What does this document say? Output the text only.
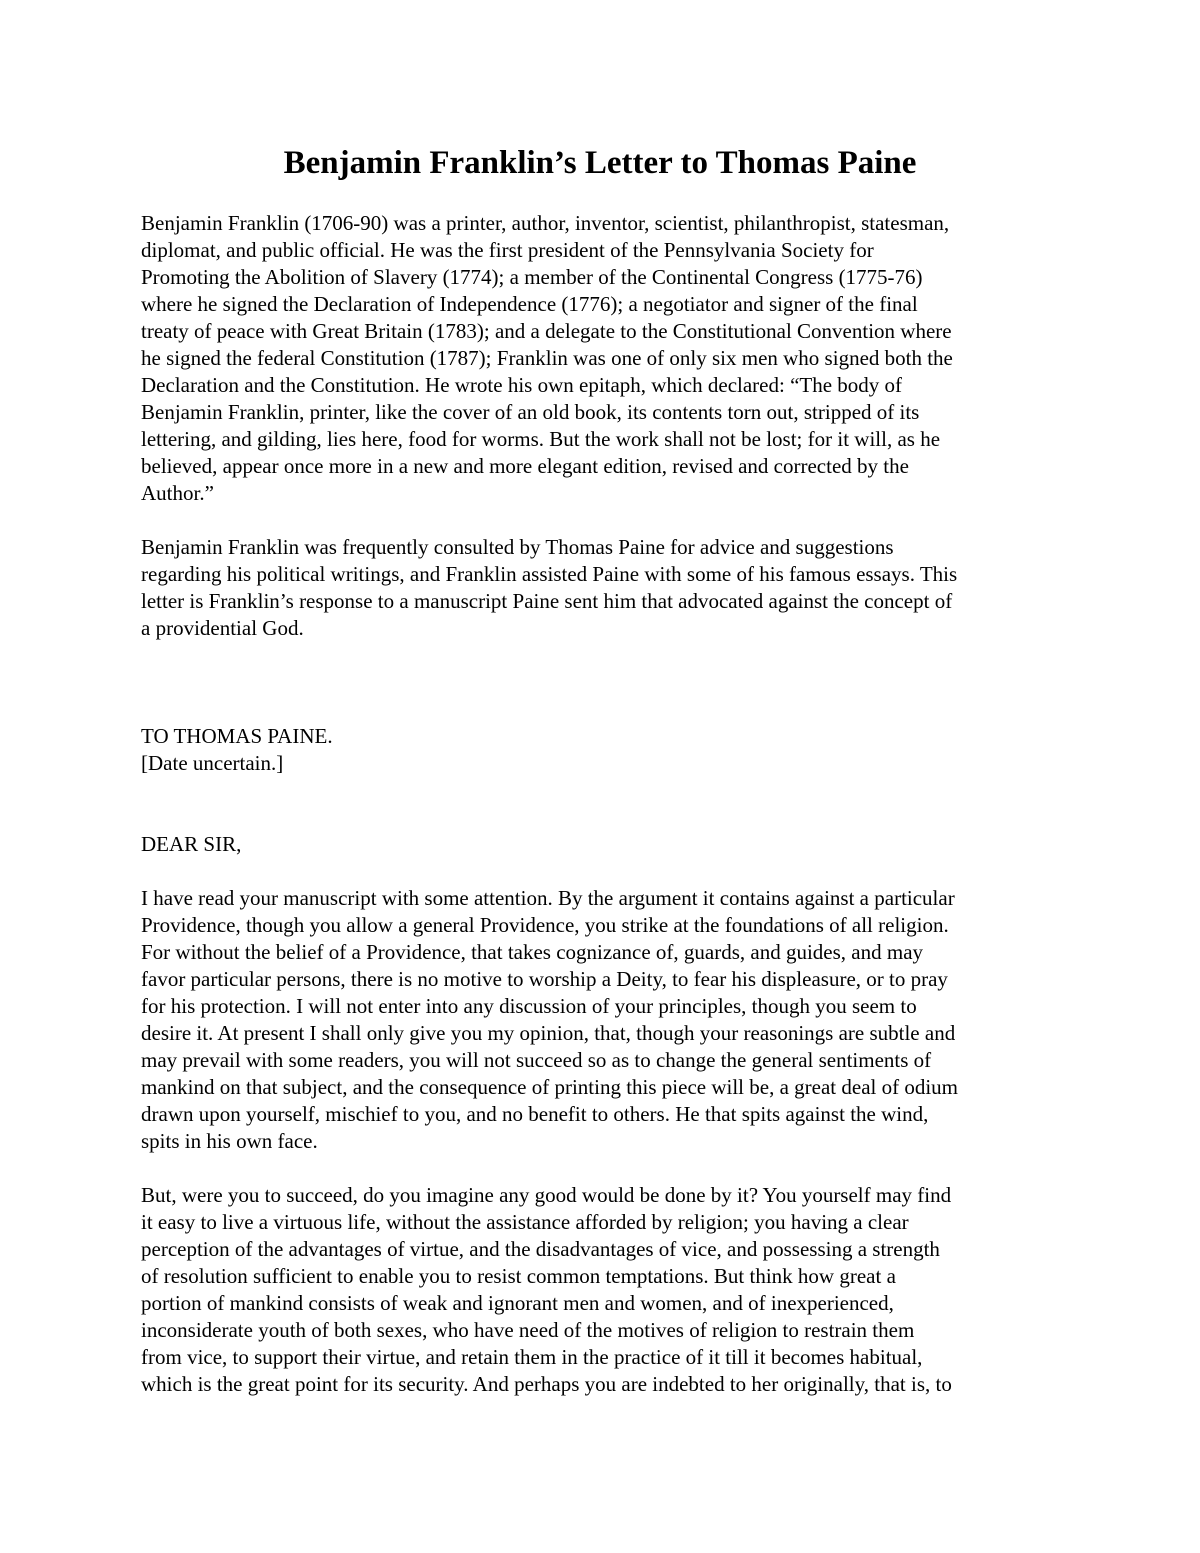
Benjamin Franklin’s Letter to Thomas Paine
Benjamin Franklin (1706-90) was a printer, author, inventor, scientist, philanthropist, statesman,
diplomat, and public official. He was the first president of the Pennsylvania Society for
Promoting the Abolition of Slavery (1774); a member of the Continental Congress (1775-76)
where he signed the Declaration of Independence (1776); a negotiator and signer of the final
treaty of peace with Great Britain (1783); and a delegate to the Constitutional Convention where
he signed the federal Constitution (1787); Franklin was one of only six men who signed both the
Declaration and the Constitution. He wrote his own epitaph, which declared: “The body of
Benjamin Franklin, printer, like the cover of an old book, its contents torn out, stripped of its
lettering, and gilding, lies here, food for worms. But the work shall not be lost; for it will, as he
believed, appear once more in a new and more elegant edition, revised and corrected by the
Author.”
Benjamin Franklin was frequently consulted by Thomas Paine for advice and suggestions
regarding his political writings, and Franklin assisted Paine with some of his famous essays. This
letter is Franklin’s response to a manuscript Paine sent him that advocated against the concept of
a providential God.
TO THOMAS PAINE.
[Date uncertain.]
DEAR SIR,
I have read your manuscript with some attention. By the argument it contains against a particular
Providence, though you allow a general Providence, you strike at the foundations of all religion.
For without the belief of a Providence, that takes cognizance of, guards, and guides, and may
favor particular persons, there is no motive to worship a Deity, to fear his displeasure, or to pray
for his protection. I will not enter into any discussion of your principles, though you seem to
desire it. At present I shall only give you my opinion, that, though your reasonings are subtle and
may prevail with some readers, you will not succeed so as to change the general sentiments of
mankind on that subject, and the consequence of printing this piece will be, a great deal of odium
drawn upon yourself, mischief to you, and no benefit to others. He that spits against the wind,
spits in his own face.
But, were you to succeed, do you imagine any good would be done by it? You yourself may find
it easy to live a virtuous life, without the assistance afforded by religion; you having a clear
perception of the advantages of virtue, and the disadvantages of vice, and possessing a strength
of resolution sufficient to enable you to resist common temptations. But think how great a
portion of mankind consists of weak and ignorant men and women, and of inexperienced,
inconsiderate youth of both sexes, who have need of the motives of religion to restrain them
from vice, to support their virtue, and retain them in the practice of it till it becomes habitual,
which is the great point for its security. And perhaps you are indebted to her originally, that is, to
